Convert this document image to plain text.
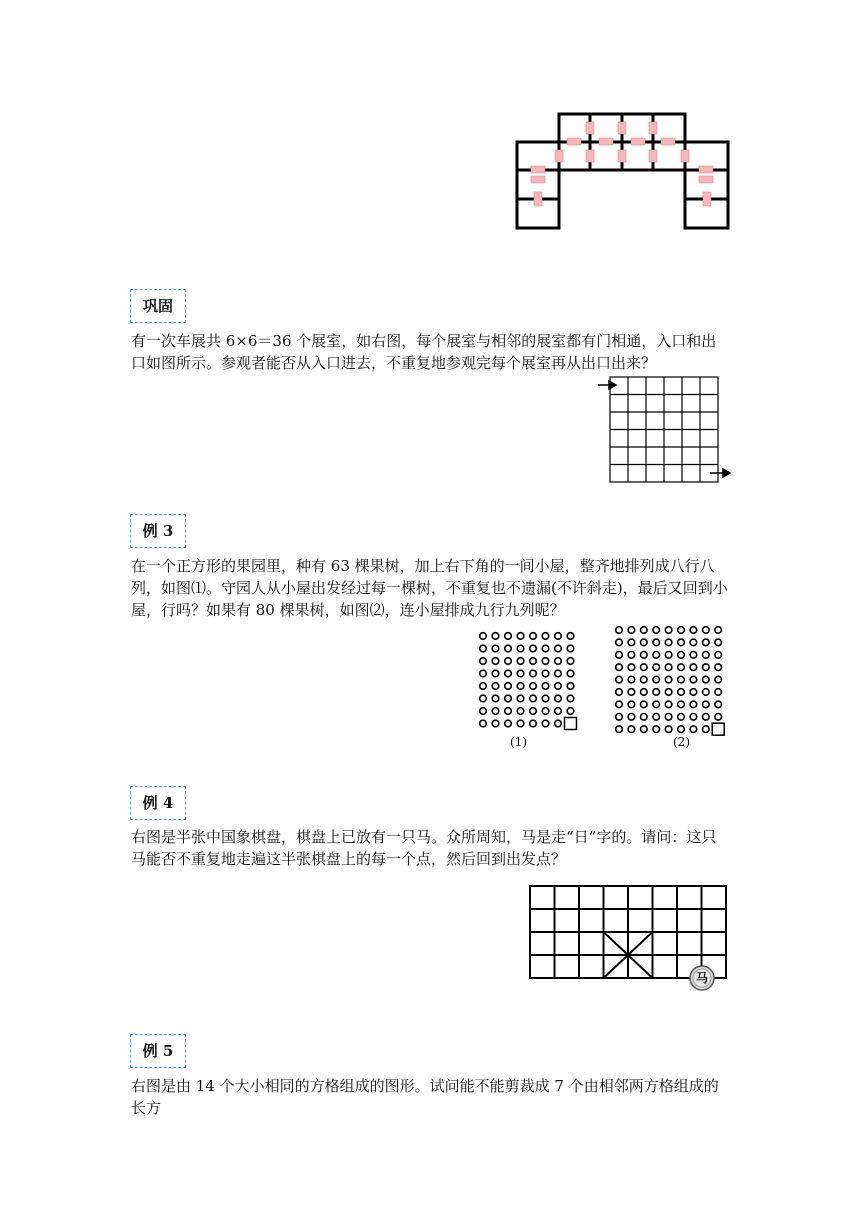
巩固
有一次车展共 6×6＝36 个展室，如右图，每个展室与相邻的展室都有门相通，入口和出口如图所示。参观者能否从入口进去，不重复地参观完每个展室再从出口出来？
例 3
在一个正方形的果园里，种有 63 棵果树，加上右下角的一间小屋，整齐地排列成八行八列，如图⑴。守园人从小屋出发经过每一棵树，不重复也不遗漏(不许斜走)，最后又回到小屋，行吗？如果有 80 棵果树，如图⑵，连小屋排成九行九列呢？
(1)	(2)
例 4
右图是半张中国象棋盘，棋盘上已放有一只马。众所周知，马是走“日”字的。请问：这只马能否不重复地走遍这半张棋盘上的每一个点，然后回到出发点？
马
例 5
右图是由 14 个大小相同的方格组成的图形。试问能不能剪裁成 7 个由相邻两方格组成的长方
